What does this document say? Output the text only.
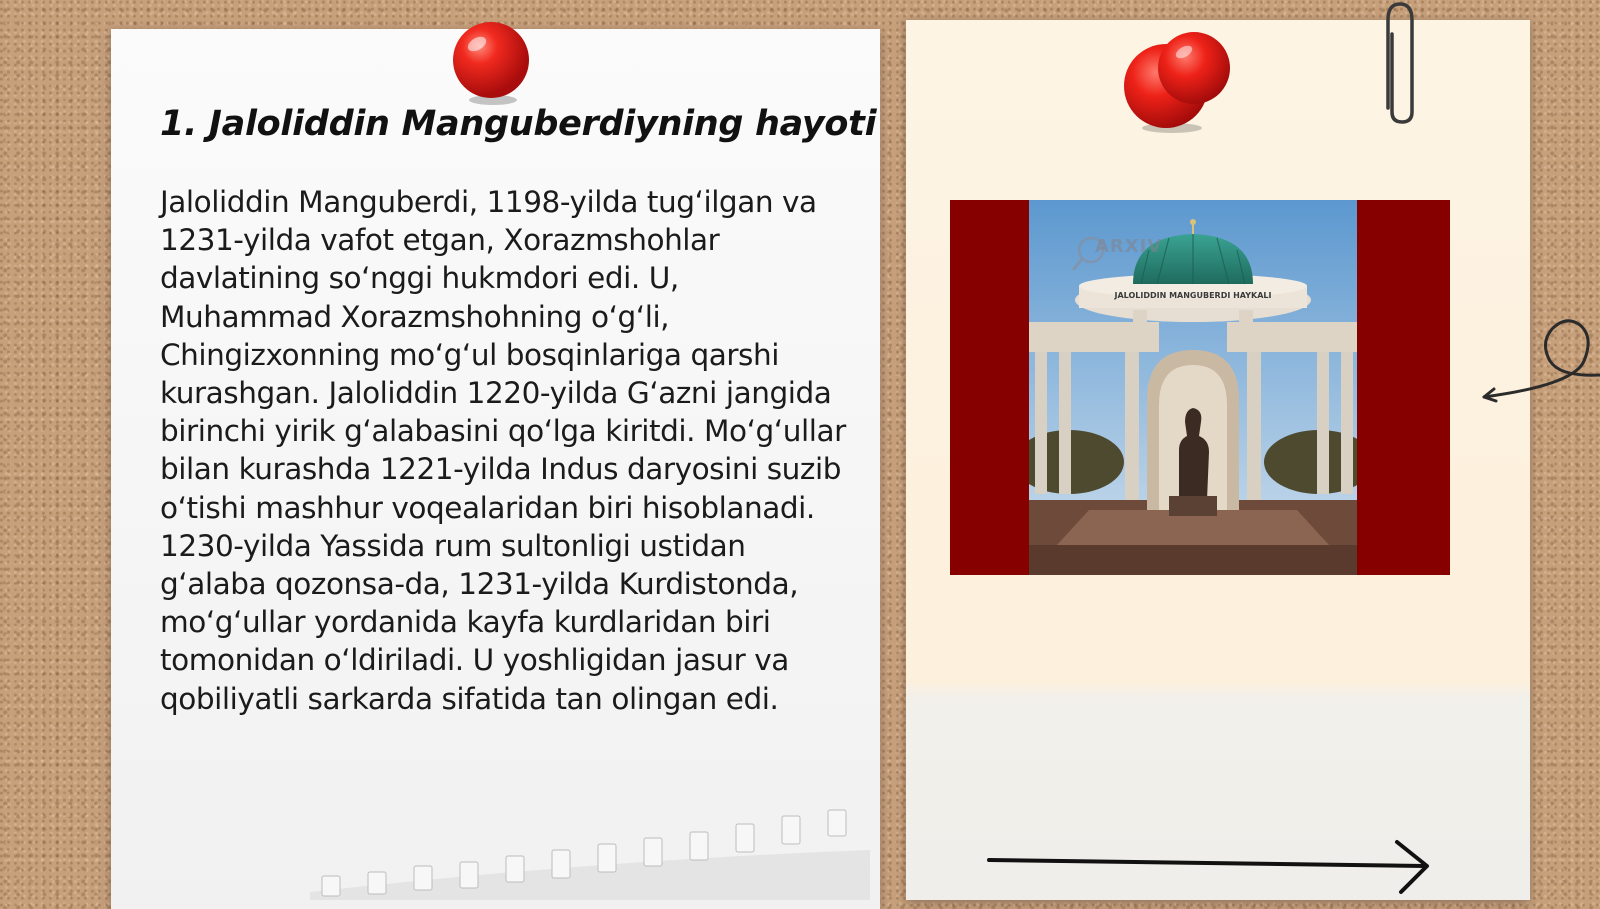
1. Jaloliddin Manguberdiyning hayoti

Jaloliddin Manguberdi, 1198-yilda tug‘ilgan va 1231-yilda vafot etgan, Xorazmshohlar davlatining so‘nggi hukmdori edi. U, Muhammad Xorazmshohning o‘g‘li, Chingizxonning mo‘g‘ul bosqinlariga qarshi kurashgan. Jaloliddin 1220-yilda G‘azni jangida birinchi yirik g‘alabasini qo‘lga kiritdi. Mo‘g‘ullar bilan kurashda 1221-yilda Indus daryosini suzib o‘tishi mashhur voqealaridan biri hisoblanadi. 1230-yilda Yassida rum sultonligi ustidan g‘alaba qozonsa-da, 1231-yilda Kurdistonda, mo‘g‘ullar yordanida kayfa kurdlaridan biri tomonidan o‘ldiriladi. U yoshligidan jasur va qobiliyatli sarkarda sifatida tan olingan edi.

JALOLIDDIN MANGUBERDI HAYKALI
ARXIV
